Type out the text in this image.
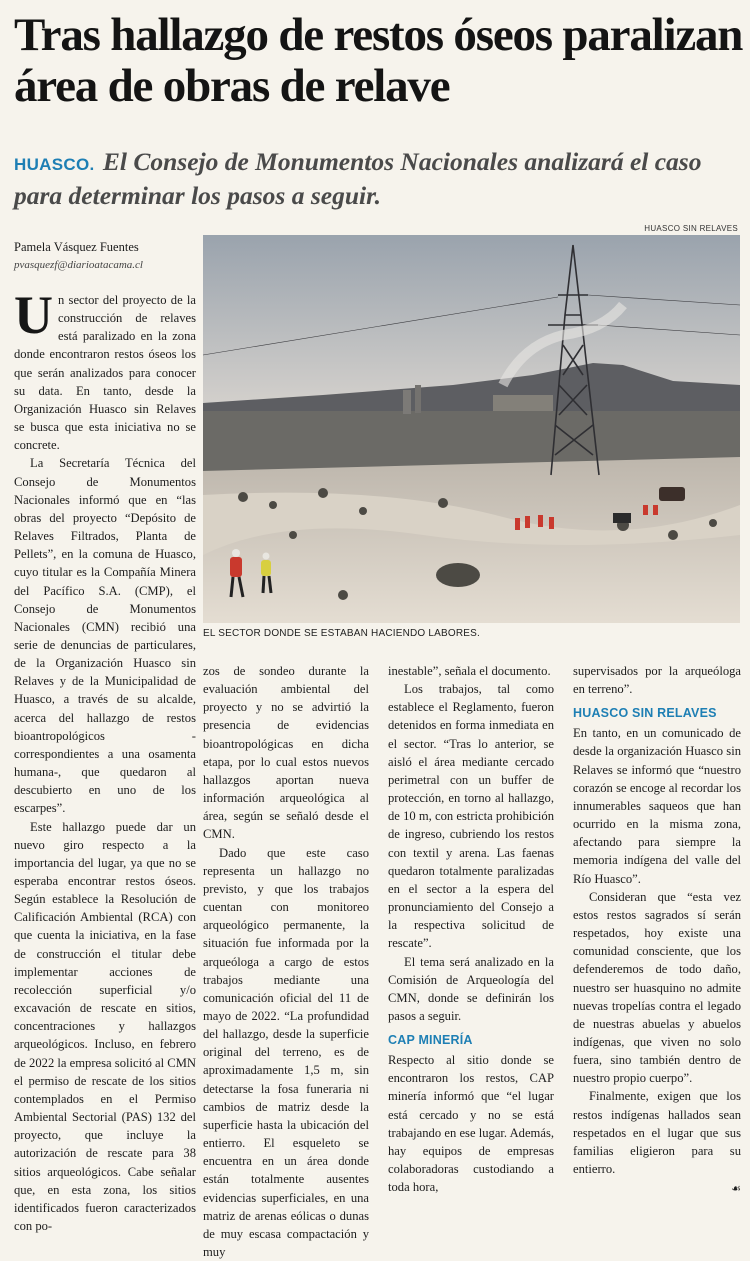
Tras hallazgo de restos óseos paralizan área de obras de relave
HUASCO. El Consejo de Monumentos Nacionales analizará el caso para determinar los pasos a seguir.
Pamela Vásquez Fuentes
pvasquezf@diarioatacama.cl
HUASCO SIN RELAVES
EL SECTOR DONDE SE ESTABAN HACIENDO LABORES.
U n sector del proyecto de la construcción de relaves está paralizado en la zona donde encontraron restos óseos los que serán analizados para conocer su data. En tanto, desde la Organización Huasco sin Relaves se busca que esta iniciativa no se concrete.

La Secretaría Técnica del Consejo de Monumentos Nacionales informó que en “las obras del proyecto “Depósito de Relaves Filtrados, Planta de Pellets”, en la comuna de Huasco, cuyo titular es la Compañía Minera del Pacífico S.A. (CMP), el Consejo de Monumentos Nacionales (CMN) recibió una serie de denuncias de particulares, de la Organización Huasco sin Relaves y de la Municipalidad de Huasco, a través de su alcalde, acerca del hallazgo de restos bioantropológicos -correspondientes a una osamenta humana-, que quedaron al descubierto en uno de los escarpes”.

Este hallazgo puede dar un nuevo giro respecto a la importancia del lugar, ya que no se esperaba encontrar restos óseos. Según establece la Resolución de Calificación Ambiental (RCA) con que cuenta la iniciativa, en la fase de construcción el titular debe implementar acciones de recolección superficial y/o excavación de rescate en sitios, concentraciones y hallazgos arqueológicos. Incluso, en febrero de 2022 la empresa solicitó al CMN el permiso de rescate de los sitios contemplados en el Permiso Ambiental Sectorial (PAS) 132 del proyecto, que incluye la autorización de rescate para 38 sitios arqueológicos. Cabe señalar que, en esta zona, los sitios identificados fueron caracterizados con po-

zos de sondeo durante la evaluación ambiental del proyecto y no se advirtió la presencia de evidencias bioantropológicas en dicha etapa, por lo cual estos nuevos hallazgos aportan nueva información arqueológica al área, según se señaló desde el CMN.

Dado que este caso representa un hallazgo no previsto, y que los trabajos cuentan con monitoreo arqueológico permanente, la situación fue informada por la arqueóloga a cargo de estos trabajos mediante una comunicación oficial del 11 de mayo de 2022. “La profundidad del hallazgo, desde la superficie original del terreno, es de aproximadamente 1,5 m, sin detectarse la fosa funeraria ni cambios de matriz desde la superficie hasta la ubicación del entierro. El esqueleto se encuentra en un área donde están totalmente ausentes evidencias superficiales, en una matriz de arenas eólicas o dunas de muy escasa compactación y muy

inestable”, señala el documento.

Los trabajos, tal como establece el Reglamento, fueron detenidos en forma inmediata en el sector. “Tras lo anterior, se aisló el área mediante cercado perimetral con un buffer de protección, en torno al hallazgo, de 10 m, con estricta prohibición de ingreso, cubriendo los restos con textil y arena. Las faenas quedaron totalmente paralizadas en el sector a la espera del pronunciamiento del Consejo a la respectiva solicitud de rescate”.

El tema será analizado en la Comisión de Arqueología del CMN, donde se definirán los pasos a seguir.

CAP MINERÍA

Respecto al sitio donde se encontraron los restos, CAP minería informó que “el lugar está cercado y no se está trabajando en ese lugar. Además, hay equipos de empresas colaboradoras custodiando a toda hora,

supervisados por la arqueóloga en terreno”.

HUASCO SIN RELAVES

En tanto, en un comunicado de desde la organización Huasco sin Relaves se informó que “nuestro corazón se encoge al recordar los innumerables saqueos que han ocurrido en la misma zona, afectando para siempre la memoria indígena del valle del Río Huasco”.

Consideran que “esta vez estos restos sagrados sí serán respetados, hoy existe una comunidad consciente, que los defenderemos de todo daño, nuestro ser huasquino no admite nuevas tropelías contra el legado de nuestras abuelas y abuelos indígenas, que viven no solo fuera, sino también dentro de nuestro propio cuerpo”.

Finalmente, exigen que los restos indígenas hallados sean respetados en el lugar que sus familias eligieron para su entierro.

☙
